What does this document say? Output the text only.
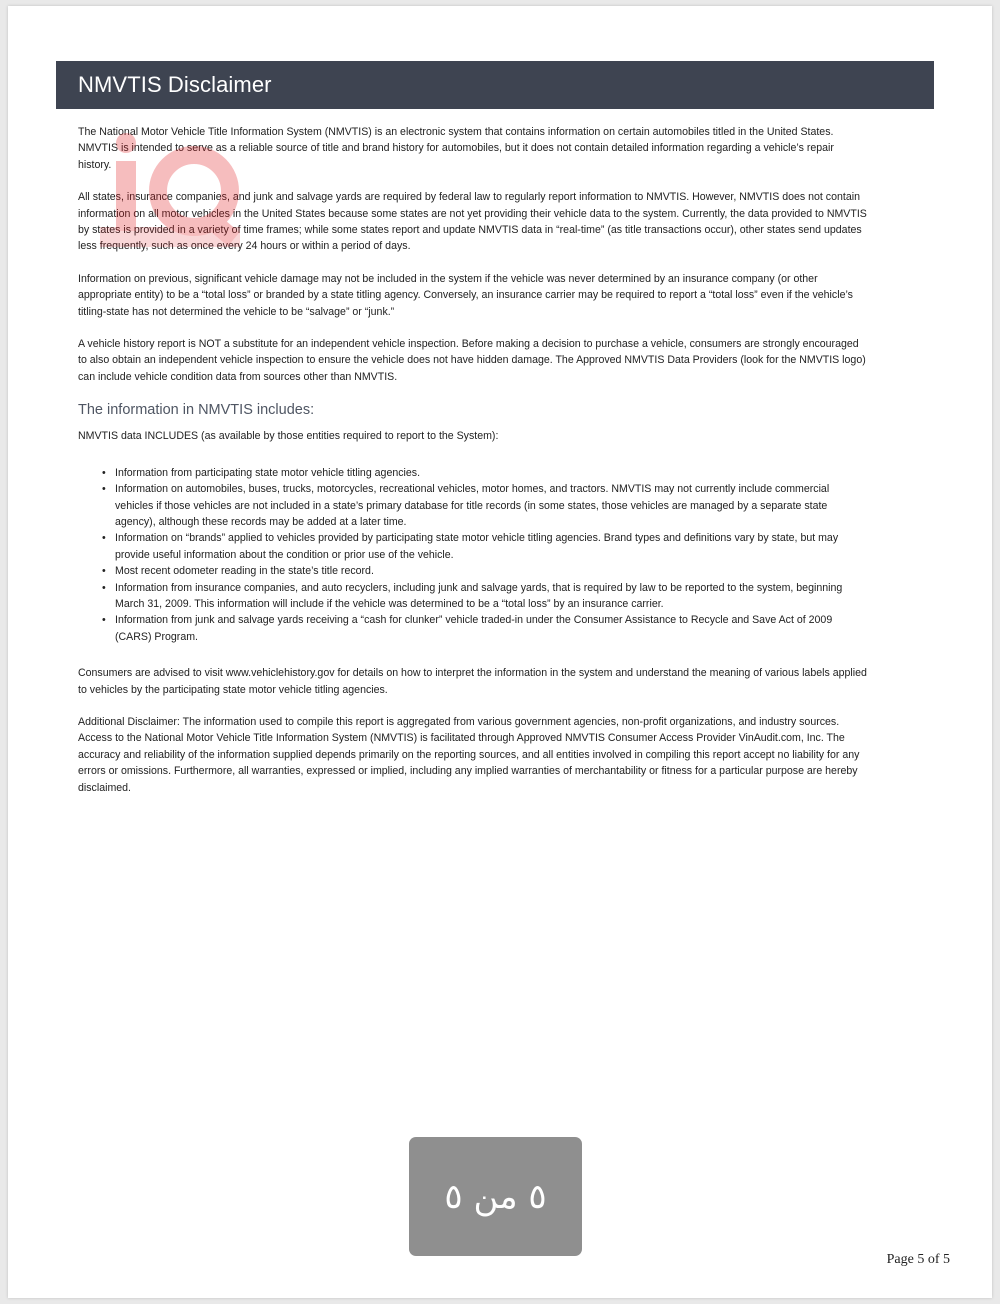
NMVTIS Disclaimer

The National Motor Vehicle Title Information System (NMVTIS) is an electronic system that contains information on certain automobiles titled in the United States. NMVTIS is intended to serve as a reliable source of title and brand history for automobiles, but it does not contain detailed information regarding a vehicle’s repair history.

All states, insurance companies, and junk and salvage yards are required by federal law to regularly report information to NMVTIS. However, NMVTIS does not contain information on all motor vehicles in the United States because some states are not yet providing their vehicle data to the system. Currently, the data provided to NMVTIS by states is provided in a variety of time frames; while some states report and update NMVTIS data in “real-time” (as title transactions occur), other states send updates less frequently, such as once every 24 hours or within a period of days.

Information on previous, significant vehicle damage may not be included in the system if the vehicle was never determined by an insurance company (or other appropriate entity) to be a “total loss” or branded by a state titling agency. Conversely, an insurance carrier may be required to report a “total loss” even if the vehicle’s titling-state has not determined the vehicle to be “salvage” or “junk.”

A vehicle history report is NOT a substitute for an independent vehicle inspection. Before making a decision to purchase a vehicle, consumers are strongly encouraged to also obtain an independent vehicle inspection to ensure the vehicle does not have hidden damage. The Approved NMVTIS Data Providers (look for the NMVTIS logo) can include vehicle condition data from sources other than NMVTIS.

The information in NMVTIS includes:

NMVTIS data INCLUDES (as available by those entities required to report to the System):

• Information from participating state motor vehicle titling agencies.
• Information on automobiles, buses, trucks, motorcycles, recreational vehicles, motor homes, and tractors. NMVTIS may not currently include commercial vehicles if those vehicles are not included in a state’s primary database for title records (in some states, those vehicles are managed by a separate state agency), although these records may be added at a later time.
• Information on “brands” applied to vehicles provided by participating state motor vehicle titling agencies. Brand types and definitions vary by state, but may provide useful information about the condition or prior use of the vehicle.
• Most recent odometer reading in the state’s title record.
• Information from insurance companies, and auto recyclers, including junk and salvage yards, that is required by law to be reported to the system, beginning March 31, 2009. This information will include if the vehicle was determined to be a “total loss” by an insurance carrier.
• Information from junk and salvage yards receiving a “cash for clunker” vehicle traded-in under the Consumer Assistance to Recycle and Save Act of 2009 (CARS) Program.

Consumers are advised to visit www.vehiclehistory.gov for details on how to interpret the information in the system and understand the meaning of various labels applied to vehicles by the participating state motor vehicle titling agencies.

Additional Disclaimer: The information used to compile this report is aggregated from various government agencies, non-profit organizations, and industry sources. Access to the National Motor Vehicle Title Information System (NMVTIS) is facilitated through Approved NMVTIS Consumer Access Provider VinAudit.com, Inc. The accuracy and reliability of the information supplied depends primarily on the reporting sources, and all entities involved in compiling this report accept no liability for any errors or omissions. Furthermore, all warranties, expressed or implied, including any implied warranties of merchantability or fitness for a particular purpose are hereby disclaimed.

٥ من ٥
Page 5 of 5
